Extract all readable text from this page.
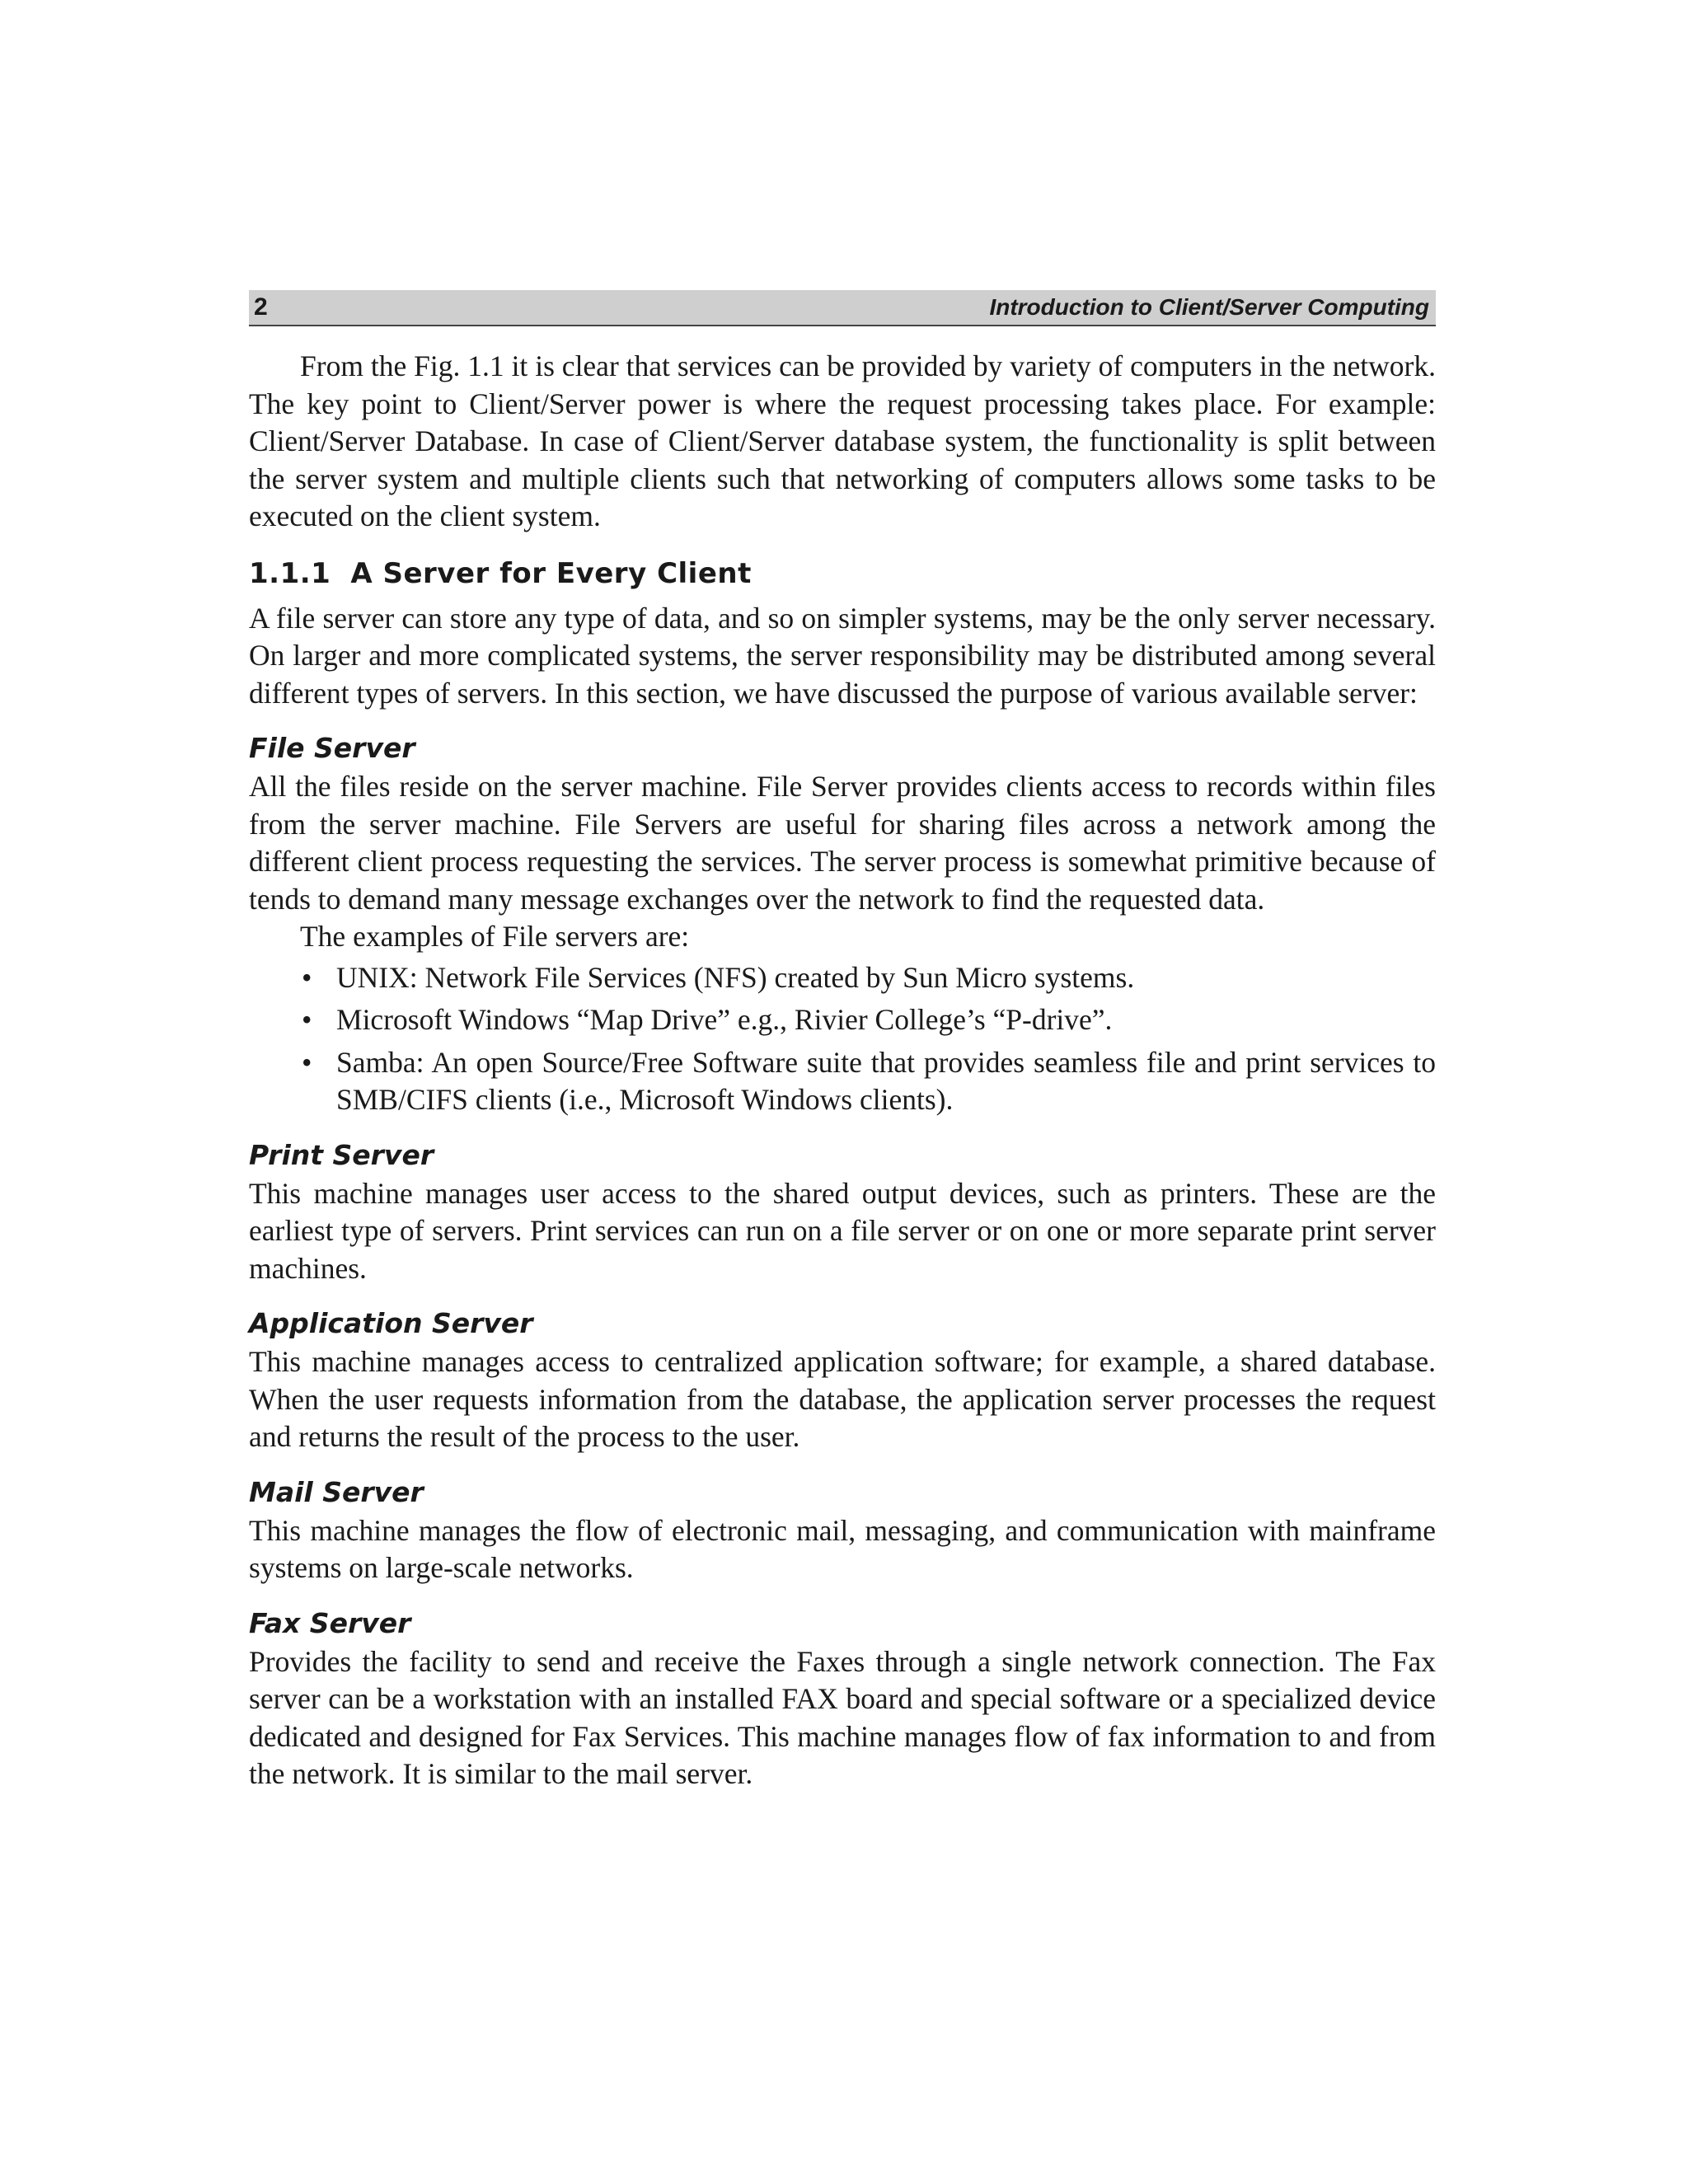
2	Introduction to Client/Server Computing

From the Fig. 1.1 it is clear that services can be provided by variety of computers in the network. The key point to Client/Server power is where the request processing takes place. For example: Client/Server Database. In case of Client/Server database system, the functionality is split between the server system and multiple clients such that networking of computers allows some tasks to be executed on the client system.

1.1.1 A Server for Every Client

A file server can store any type of data, and so on simpler systems, may be the only server necessary. On larger and more complicated systems, the server responsibility may be distributed among several different types of servers. In this section, we have discussed the purpose of various available server:

File Server

All the files reside on the server machine. File Server provides clients access to records within files from the server machine. File Servers are useful for sharing files across a network among the different client process requesting the services. The server process is somewhat primitive because of tends to demand many message exchanges over the network to find the requested data.

The examples of File servers are:

• UNIX: Network File Services (NFS) created by Sun Micro systems.
• Microsoft Windows “Map Drive” e.g., Rivier College’s “P-drive”.
• Samba: An open Source/Free Software suite that provides seamless file and print services to SMB/CIFS clients (i.e., Microsoft Windows clients).
Print Server

This machine manages user access to the shared output devices, such as printers. These are the earliest type of servers. Print services can run on a file server or on one or more separate print server machines.

Application Server

This machine manages access to centralized application software; for example, a shared database. When the user requests information from the database, the application server processes the request and returns the result of the process to the user.

Mail Server

This machine manages the flow of electronic mail, messaging, and communication with mainframe systems on large-scale networks.

Fax Server

Provides the facility to send and receive the Faxes through a single network connection. The Fax server can be a workstation with an installed FAX board and special software or a specialized device dedicated and designed for Fax Services. This machine manages flow of fax information to and from the network. It is similar to the mail server.
